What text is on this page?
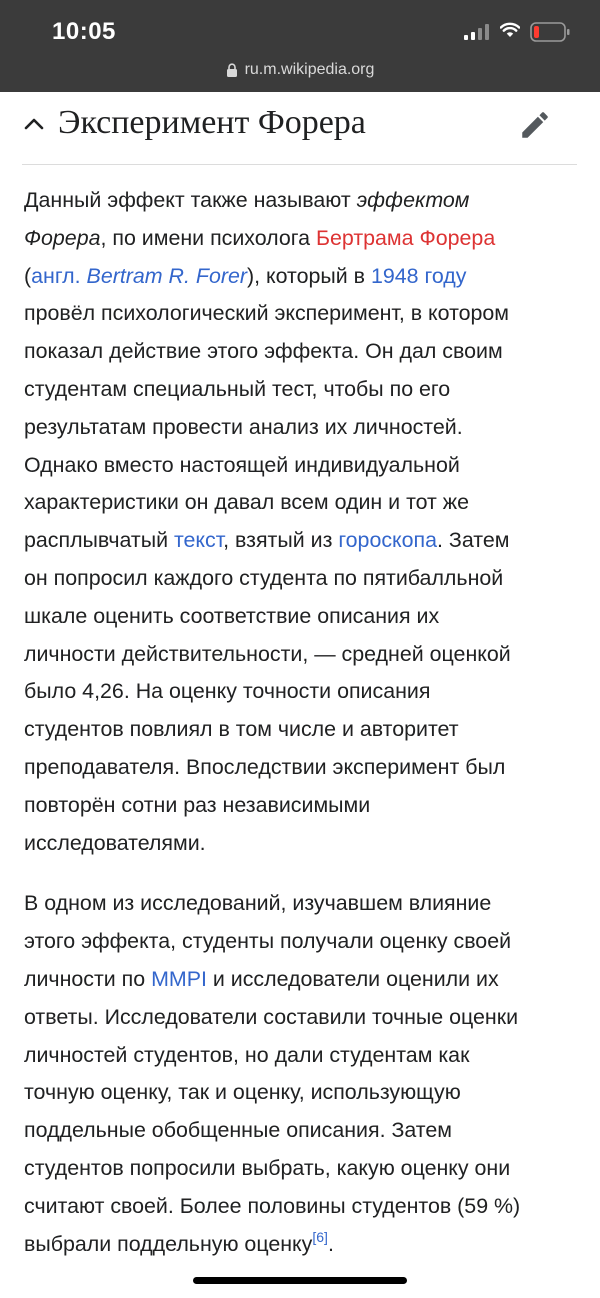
10:05
ru.m.wikipedia.org
Эксперимент Форера

Данный эффект также называют эффектом

Форера, по имени психолога Бертрама Форера

(англ. Bertram R. Forer), который в 1948 году

провёл психологический эксперимент, в котором

показал действие этого эффекта. Он дал своим

студентам специальный тест, чтобы по его

результатам провести анализ их личностей.

Однако вместо настоящей индивидуальной

характеристики он давал всем один и тот же

расплывчатый текст, взятый из гороскопа. Затем

он попросил каждого студента по пятибалльной

шкале оценить соответствие описания их

личности действительности, — средней оценкой

было 4,26. На оценку точности описания

студентов повлиял в том числе и авторитет

преподавателя. Впоследствии эксперимент был

повторён сотни раз независимыми

исследователями.

В одном из исследований, изучавшем влияние

этого эффекта, студенты получали оценку своей

личности по MMPI и исследователи оценили их

ответы. Исследователи составили точные оценки

личностей студентов, но дали студентам как

точную оценку, так и оценку, использующую

поддельные обобщенные описания. Затем

студентов попросили выбрать, какую оценку они

считают своей. Более половины студентов (59 %)

выбрали поддельную оценку[6].
